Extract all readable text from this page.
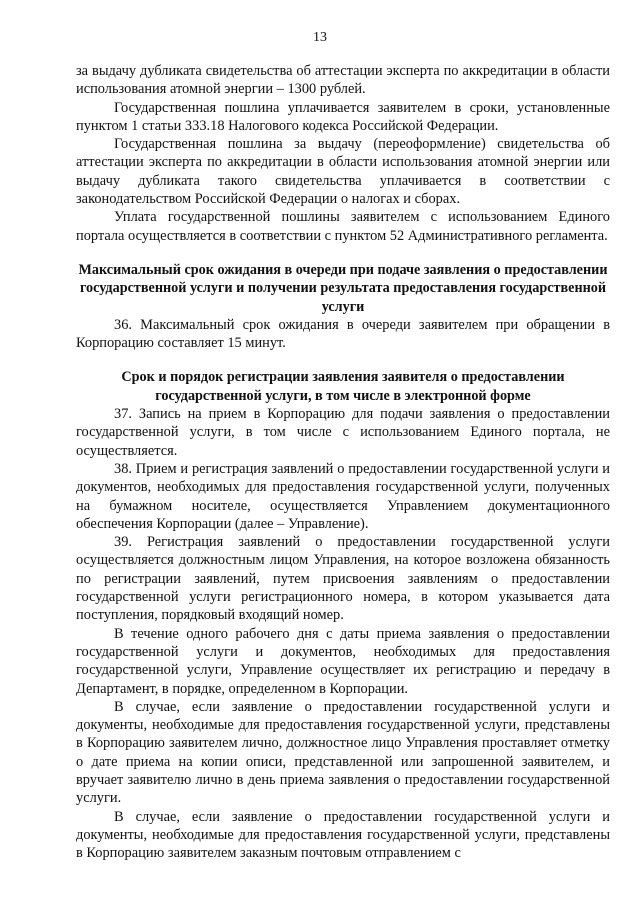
13

за выдачу дубликата свидетельства об аттестации эксперта по аккредитации в области использования атомной энергии – 1300 рублей.

Государственная пошлина уплачивается заявителем в сроки, установленные пунктом 1 статьи 333.18 Налогового кодекса Российской Федерации.

Государственная пошлина за выдачу (переоформление) свидетельства об аттестации эксперта по аккредитации в области использования атомной энергии или выдачу дубликата такого свидетельства уплачивается в соответствии с законодательством Российской Федерации о налогах и сборах.

Уплата государственной пошлины заявителем с использованием Единого портала осуществляется в соответствии с пунктом 52 Административного регламента.

Максимальный срок ожидания в очереди при подаче заявления о предоставлении государственной услуги и получении результата предоставления государственной услуги

36. Максимальный срок ожидания в очереди заявителем при обращении в Корпорацию составляет 15 минут.

Срок и порядок регистрации заявления заявителя о предоставлении государственной услуги, в том числе в электронной форме

37. Запись на прием в Корпорацию для подачи заявления о предоставлении государственной услуги, в том числе с использованием Единого портала, не осуществляется.

38. Прием и регистрация заявлений о предоставлении государственной услуги и документов, необходимых для предоставления государственной услуги, полученных на бумажном носителе, осуществляется Управлением документационного обеспечения Корпорации (далее – Управление).

39. Регистрация заявлений о предоставлении государственной услуги осуществляется должностным лицом Управления, на которое возложена обязанность по регистрации заявлений, путем присвоения заявлениям о предоставлении государственной услуги регистрационного номера, в котором указывается дата поступления, порядковый входящий номер.

В течение одного рабочего дня с даты приема заявления о предоставлении государственной услуги и документов, необходимых для предоставления государственной услуги, Управление осуществляет их регистрацию и передачу в Департамент, в порядке, определенном в Корпорации.

В случае, если заявление о предоставлении государственной услуги и документы, необходимые для предоставления государственной услуги, представлены в Корпорацию заявителем лично, должностное лицо Управления проставляет отметку о дате приема на копии описи, представленной или запрошенной заявителем, и вручает заявителю лично в день приема заявления о предоставлении государственной услуги.

В случае, если заявление о предоставлении государственной услуги и документы, необходимые для предоставления государственной услуги, представлены в Корпорацию заявителем заказным почтовым отправлением с
